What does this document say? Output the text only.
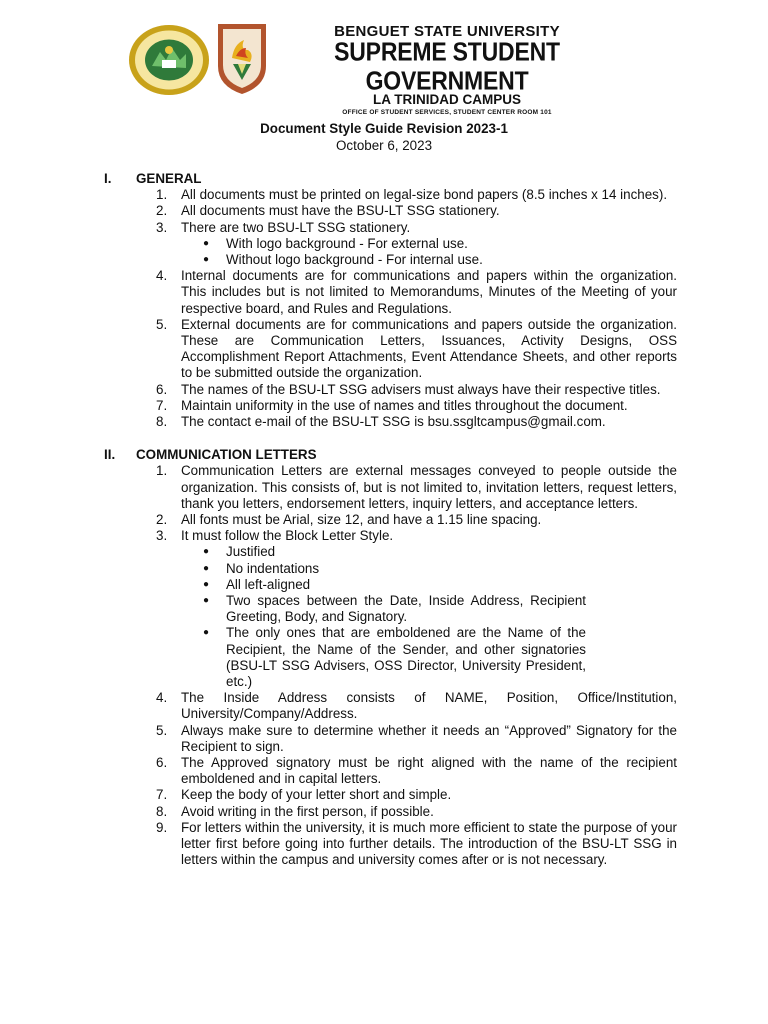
BENGUET STATE UNIVERSITY
SUPREME STUDENT GOVERNMENT
LA TRINIDAD CAMPUS
OFFICE OF STUDENT SERVICES, STUDENT CENTER ROOM 101
Document Style Guide Revision 2023-1
October 6, 2023
I. GENERAL
1.	All documents must be printed on legal-size bond papers (8.5 inches x 14 inches).
2.	All documents must have the BSU-LT SSG stationery.
3.	There are two BSU-LT SSG stationery.
● With logo background - For external use.
● Without logo background - For internal use.
4.	Internal documents are for communications and papers within the organization. This includes but is not limited to Memorandums, Minutes of the Meeting of your respective board, and Rules and Regulations.
5.	External documents are for communications and papers outside the organization. These are Communication Letters, Issuances, Activity Designs, OSS Accomplishment Report Attachments, Event Attendance Sheets, and other reports to be submitted outside the organization.
6.	The names of the BSU-LT SSG advisers must always have their respective titles.
7.	Maintain uniformity in the use of names and titles throughout the document.
8.	The contact e-mail of the BSU-LT SSG is bsu.ssgltcampus@gmail.com.
II. COMMUNICATION LETTERS
1.	Communication Letters are external messages conveyed to people outside the organization. This consists of, but is not limited to, invitation letters, request letters, thank you letters, endorsement letters, inquiry letters, and acceptance letters.
2.	All fonts must be Arial, size 12, and have a 1.15 line spacing.
3.	It must follow the Block Letter Style.
● Justified
● No indentations
● All left-aligned
● Two spaces between the Date, Inside Address, Recipient Greeting, Body, and Signatory.
● The only ones that are emboldened are the Name of the Recipient, the Name of the Sender, and other signatories (BSU-LT SSG Advisers, OSS Director, University President, etc.)
4.	The Inside Address consists of NAME, Position, Office/Institution, University/Company/Address.
5.	Always make sure to determine whether it needs an “Approved” Signatory for the Recipient to sign.
6.	The Approved signatory must be right aligned with the name of the recipient emboldened and in capital letters.
7.	Keep the body of your letter short and simple.
8.	Avoid writing in the first person, if possible.
9.	For letters within the university, it is much more efficient to state the purpose of your letter first before going into further details. The introduction of the BSU-LT SSG in letters within the campus and university comes after or is not necessary.
